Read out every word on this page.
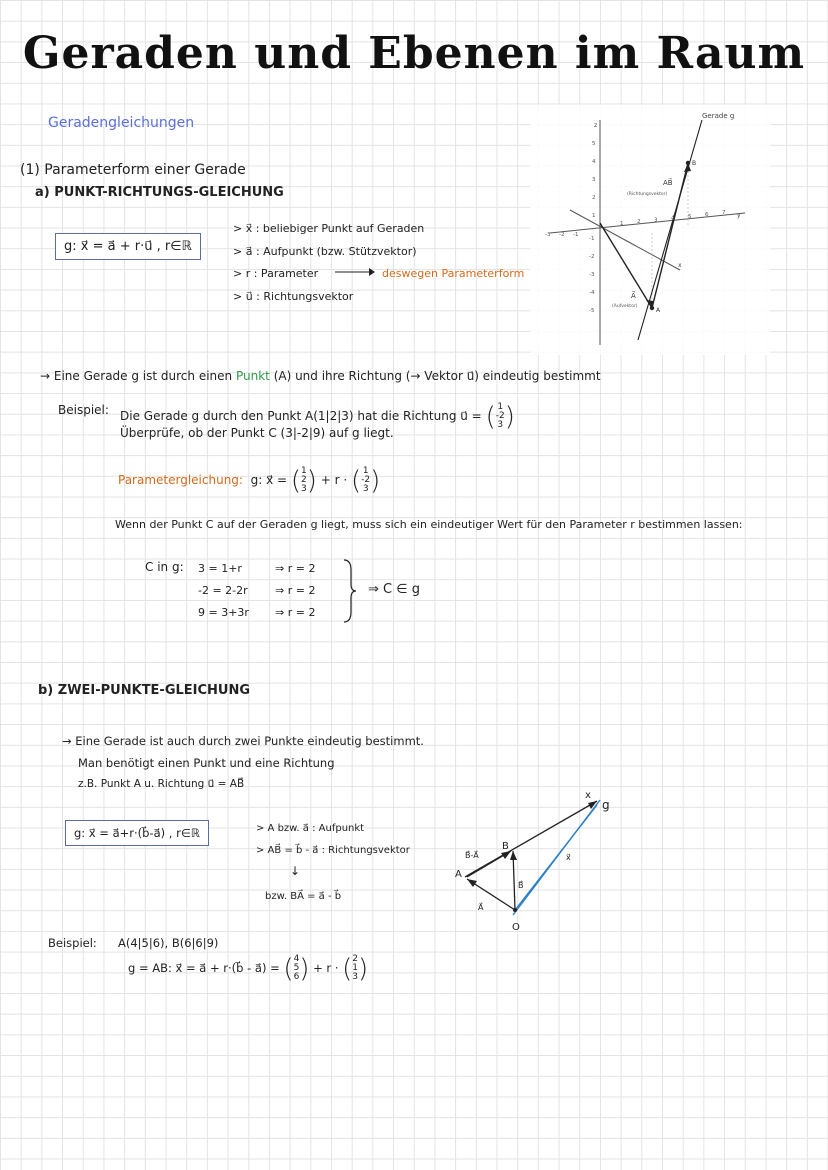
Geraden und Ebenen im Raum
Geradengleichungen
(1) Parameterform einer Gerade
a) PUNKT-RICHTUNGS-GLEICHUNG
g: x⃗ = a⃗ + r·u⃗ , r∈ℝ
> x⃗ : beliebiger Punkt auf Geraden
> a⃗ : Aufpunkt (bzw. Stützvektor)
> r : Parameter
> u⃗ : Richtungsvektor
deswegen Parameterform
5
4
3
2
1
-1
-2
-3
-4
-5
1 2 3 4 5 6 7
-3 -2 -1
z
x
y
Gerade g
AB⃗
(Richtungsvektor)
A⃗
(Aufvektor)
A
B
→ Eine Gerade g ist durch einen Punkt (A) und ihre Richtung (→ Vektor u⃗) eindeutig bestimmt
Beispiel: Die Gerade g durch den Punkt A(1|2|3) hat die Richtung u⃗ = ( 1
-2
3 )
Überprüfe, ob der Punkt C (3|-2|9) auf g liegt.
Parametergleichung: g: x⃗ = ( 1
2
3 ) + r · ( 1
-2
3 )
Wenn der Punkt C auf der Geraden g liegt, muss sich ein eindeutiger Wert für den Parameter r bestimmen lassen:
C in g: 3 = 1+r
-2 = 2-2r
9 = 3+3r
⇒ r = 2
⇒ r = 2
⇒ r = 2
⇒ C ∈ g
b) ZWEI-PUNKTE-GLEICHUNG
→ Eine Gerade ist auch durch zwei Punkte eindeutig bestimmt.
Man benötigt einen Punkt und eine Richtung
z.B. Punkt A u. Richtung u⃗ = AB⃗
g: x⃗ = a⃗+r·(b⃗-a⃗) , r∈ℝ	> A bzw. a⃗ : Aufpunkt
> AB⃗ = b⃗ - a⃗ : Richtungsvektor
↓
bzw. BA⃗ = a⃗ - b⃗
A
B
O
x
g
B⃗-A⃗
A⃗
B⃗
x⃗
Beispiel: A(4|5|6), B(6|6|9)
g = AB: x⃗ = a⃗ + r·(b⃗ - a⃗) = ( 4
5
6 ) + r · ( 2
1
3 )
